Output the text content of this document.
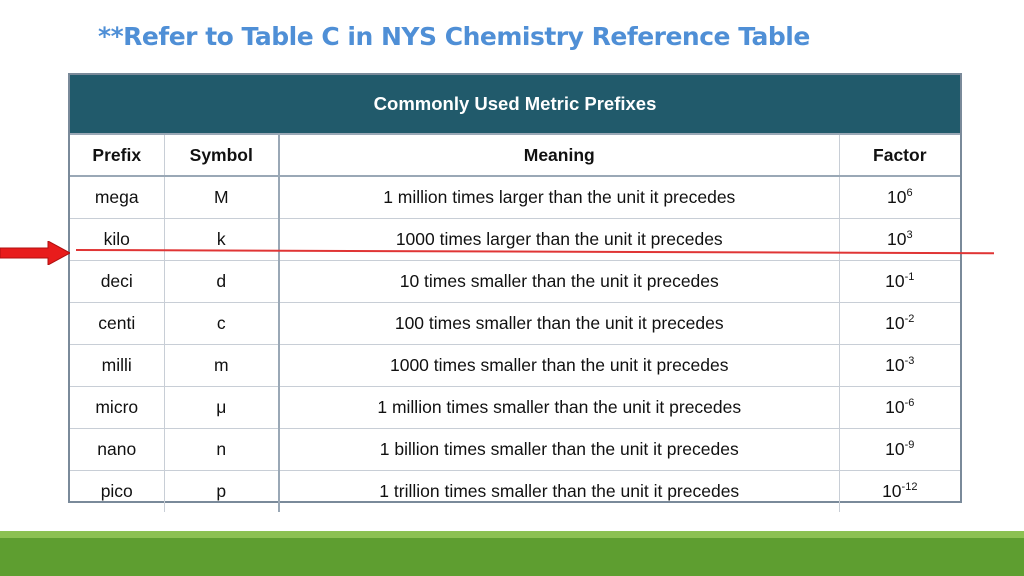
**Refer to Table C in NYS Chemistry Reference Table
Commonly Used Metric Prefixes			
Prefix	Symbol	Meaning	Factor
mega	M	1 million times larger than the unit it precedes	$10^6$
kilo	k	1000 times larger than the unit it precedes	$10^3$
deci	d	10 times smaller than the unit it precedes	$10^{-1}$
centi	c	100 times smaller than the unit it precedes	$10^{-2}$
milli	m	1000 times smaller than the unit it precedes	$10^{-3}$
micro	μ	1 million times smaller than the unit it precedes	$10^{-6}$
nano	n	1 billion times smaller than the unit it precedes	$10^{-9}$
pico	p	1 trillion times smaller than the unit it precedes	$10^{-12}$
